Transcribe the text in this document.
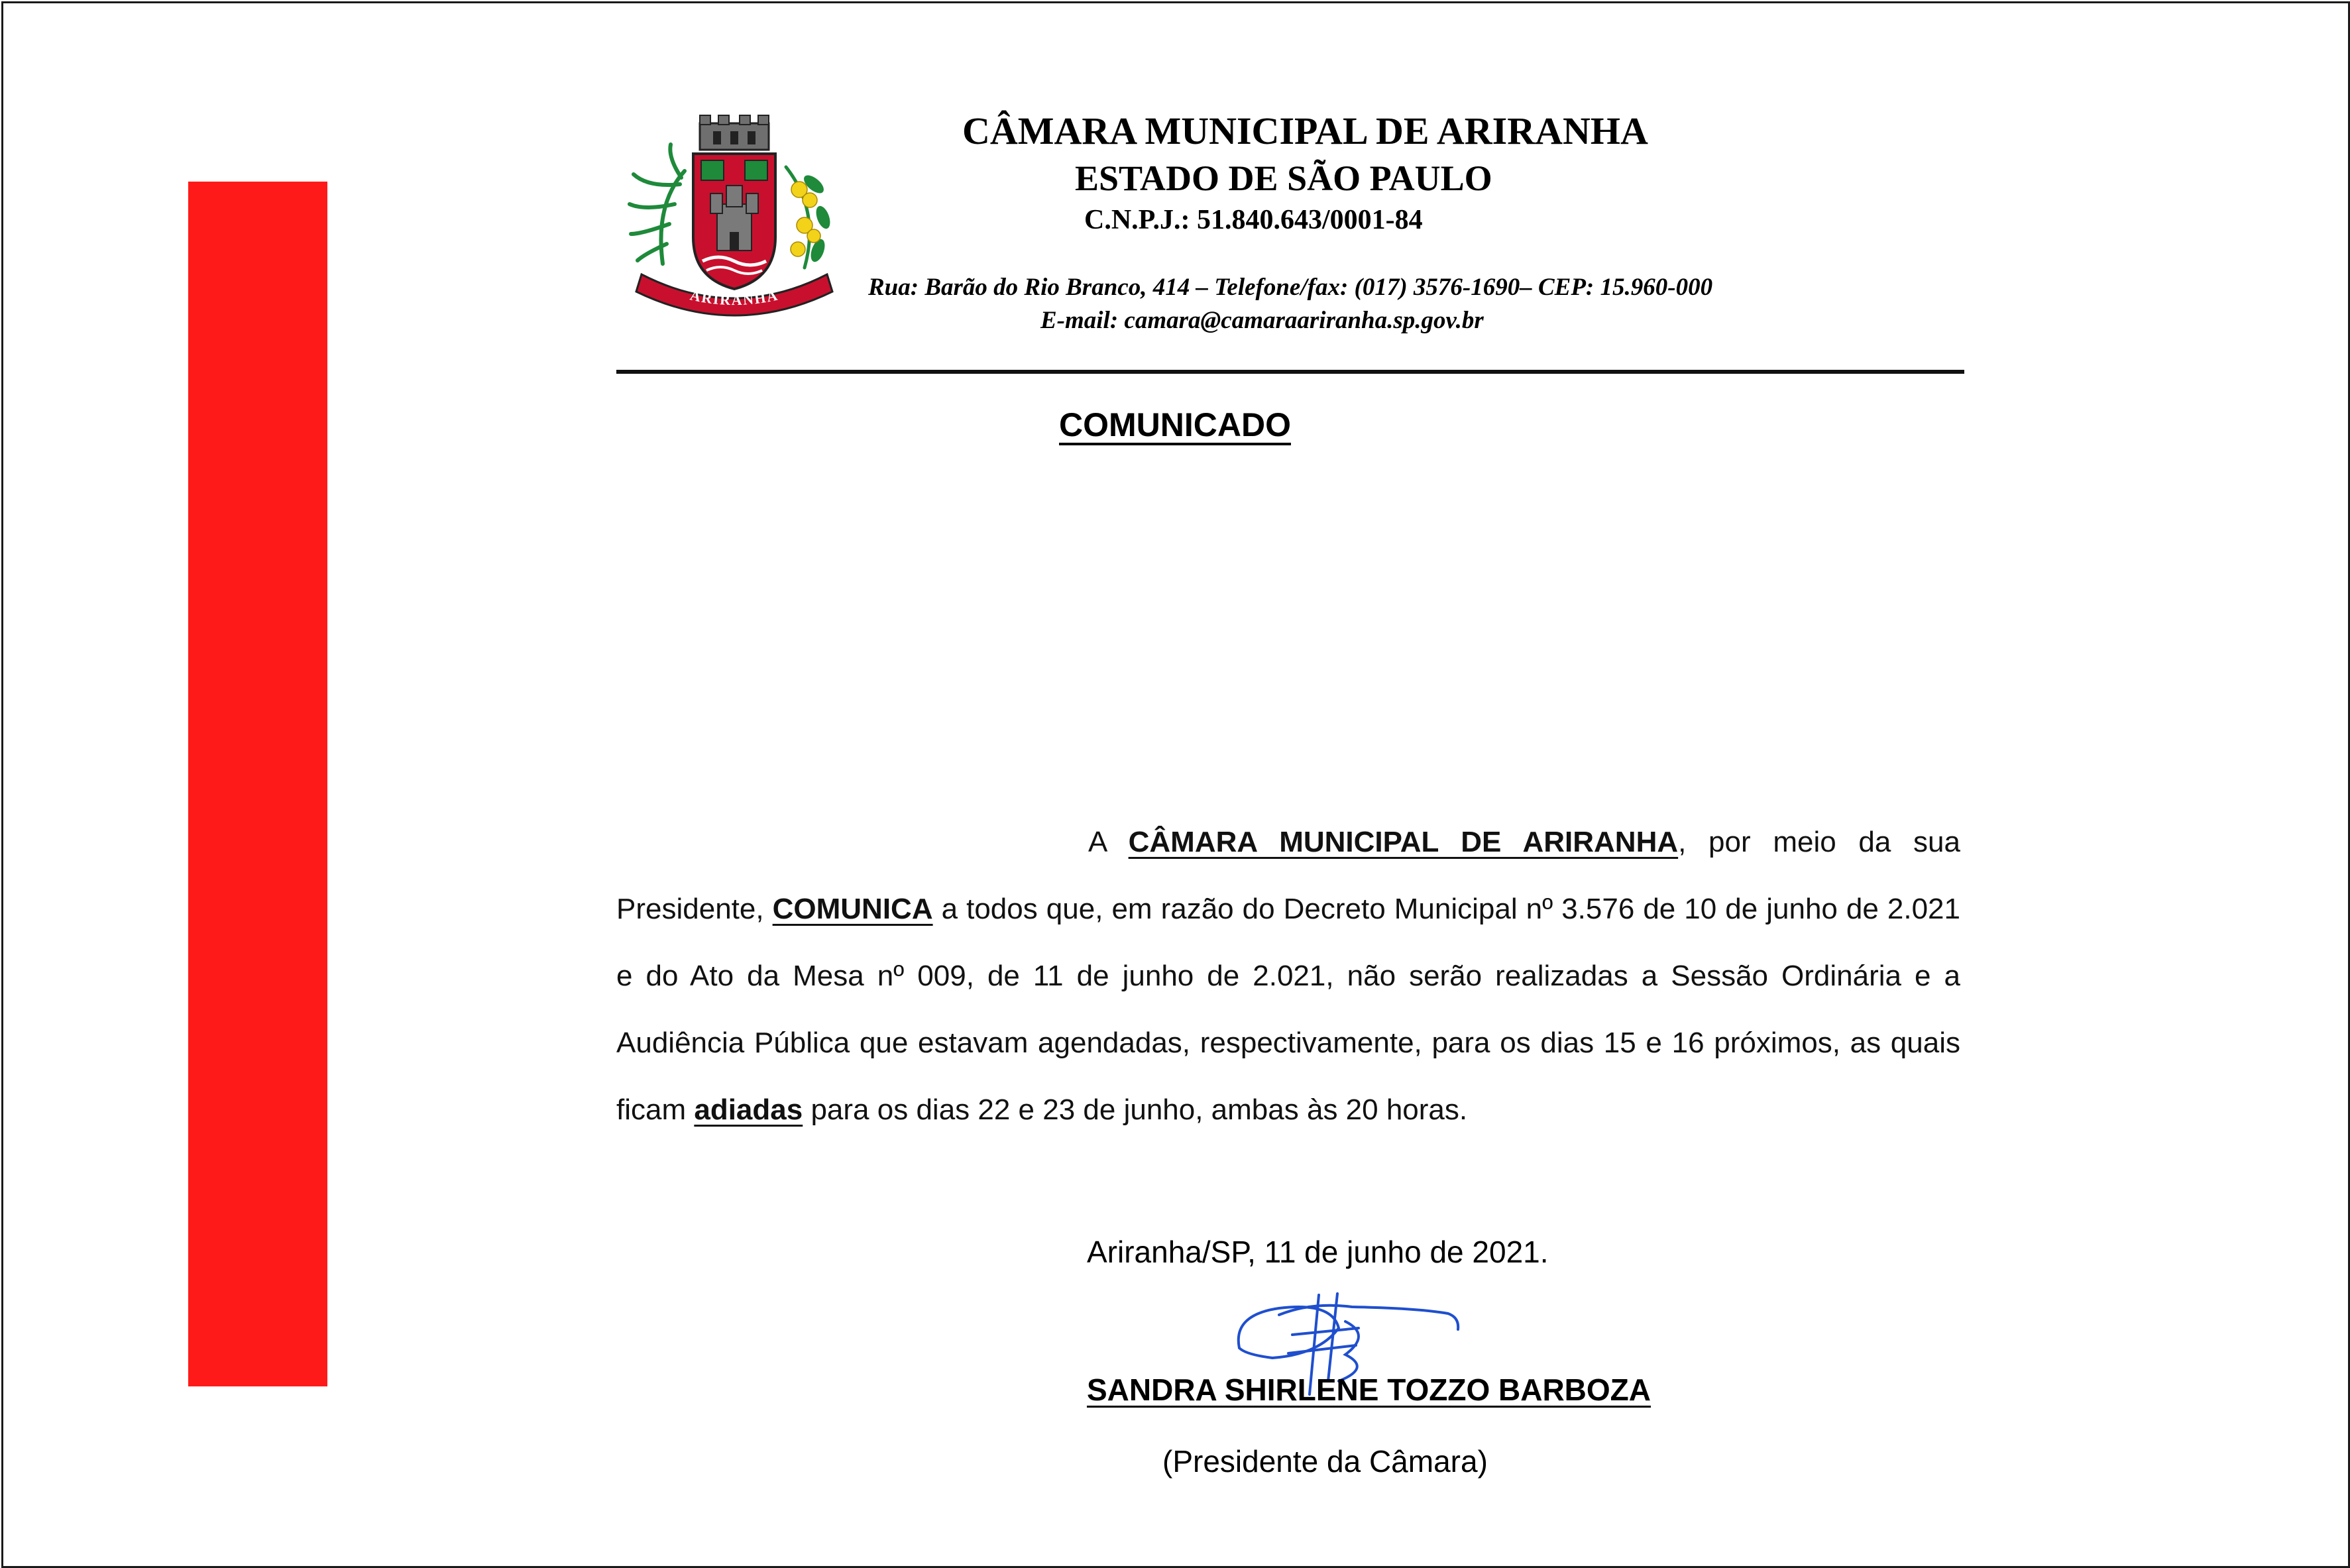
ARIRANHA
CÂMARA MUNICIPAL DE ARIRANHA
ESTADO DE SÃO PAULO
C.N.P.J.: 51.840.643/0001-84
Rua: Barão do Rio Branco, 414 – Telefone/fax: (017) 3576-1690– CEP: 15.960-000
E-mail: camara@camaraariranha.sp.gov.br
COMUNICADO

A CÂMARA MUNICIPAL DE ARIRANHA, por meio da sua Presidente, COMUNICA a todos que, em razão do Decreto Municipal nº 3.576 de 10 de junho de 2.021 e do Ato da Mesa nº 009, de 11 de junho de 2.021, não serão realizadas a Sessão Ordinária e a Audiência Pública que estavam agendadas, respectivamente, para os dias 15 e 16 próximos, as quais ficam adiadas para os dias 22 e 23 de junho, ambas às 20 horas.

Ariranha/SP, 11 de junho de 2021.
SANDRA SHIRLENE TOZZO BARBOZA
(Presidente da Câmara)
